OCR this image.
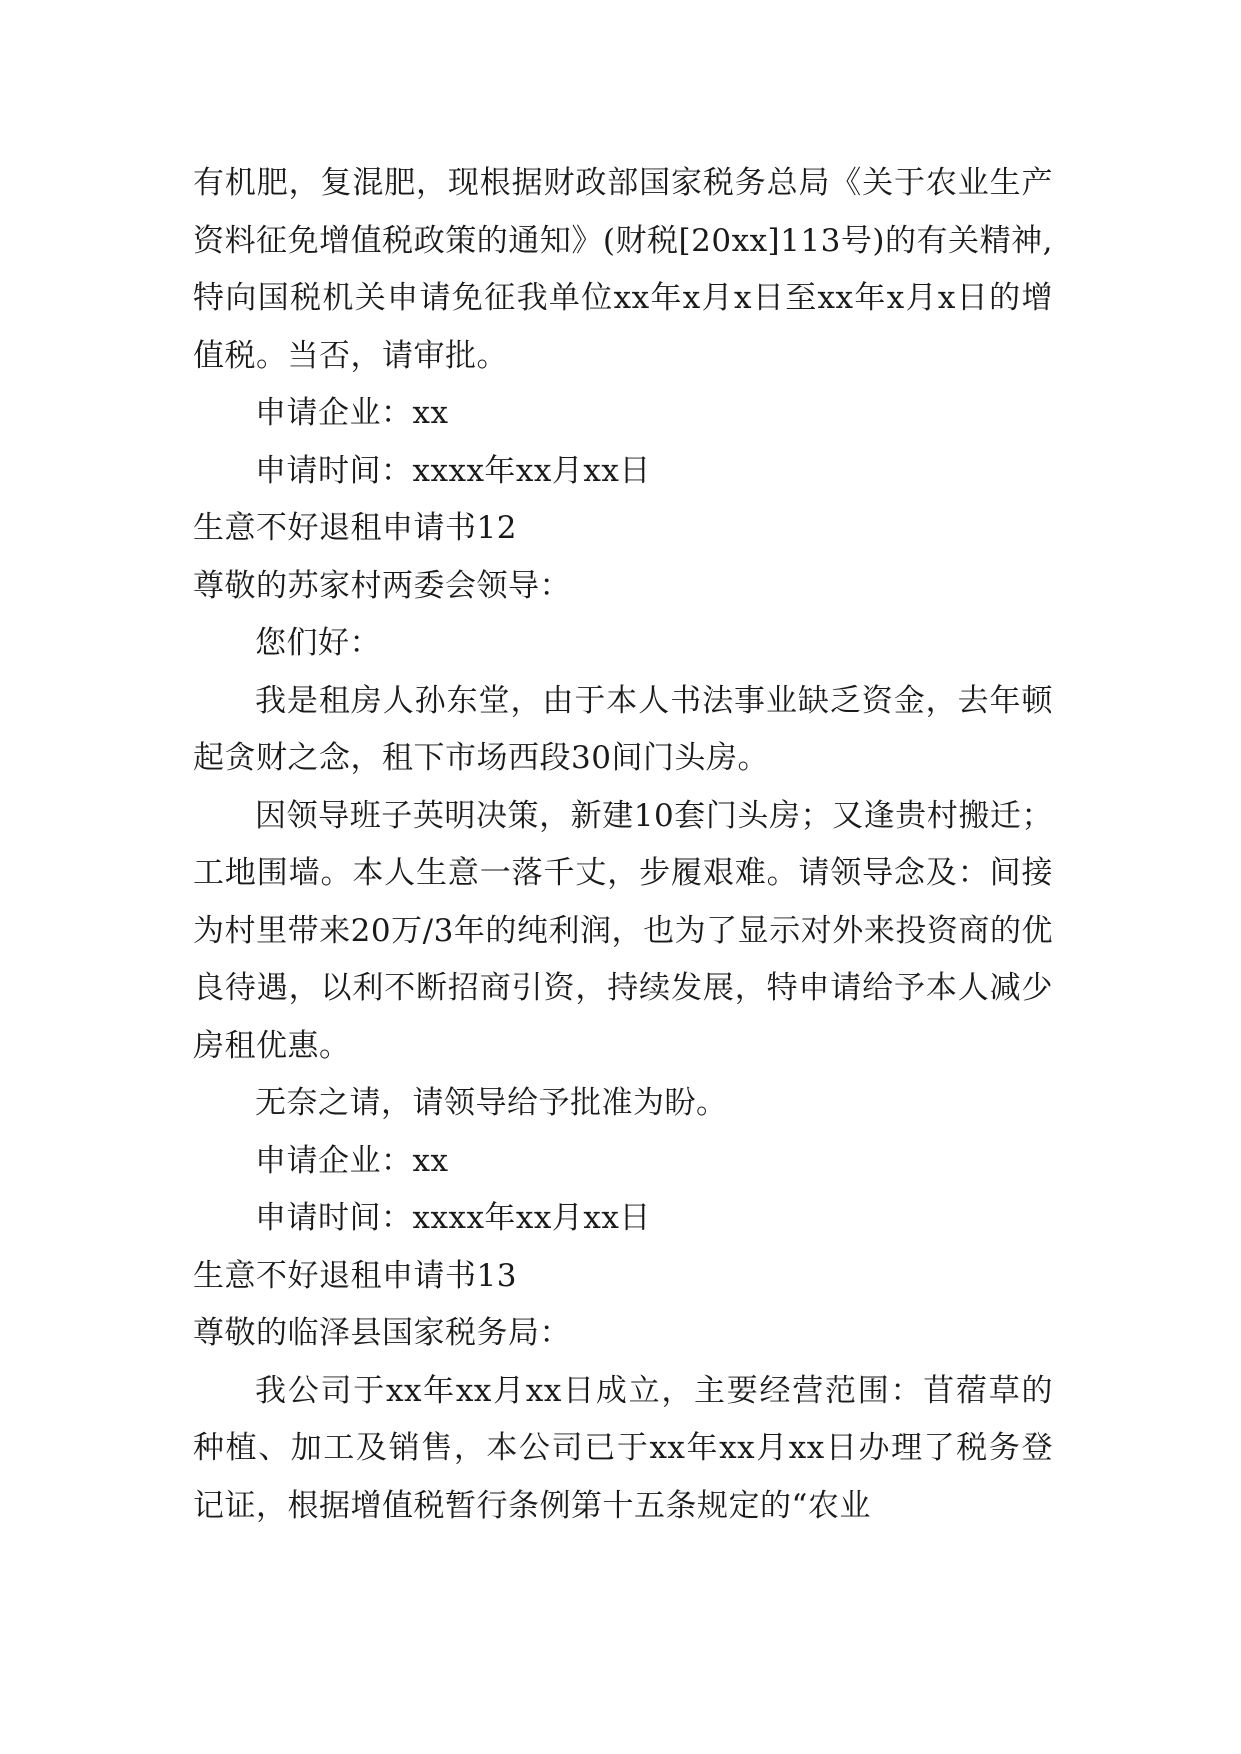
有机肥，复混肥，现根据财政部国家税务总局《关于农业生产资料征免增值税政策的通知》(财税[20xx]113号)的有关精神,特向国税机关申请免征我单位xx年x月x日至xx年x月x日的增值税。当否，请审批。

申请企业：xx

申请时间：xxxx年xx月xx日

生意不好退租申请书12

尊敬的苏家村两委会领导：

您们好：

我是租房人孙东堂，由于本人书法事业缺乏资金，去年顿起贪财之念，租下市场西段30间门头房。

因领导班子英明决策，新建10套门头房；又逢贵村搬迁；工地围墙。本人生意一落千丈，步履艰难。请领导念及：间接为村里带来20万/3年的纯利润，也为了显示对外来投资商的优良待遇，以利不断招商引资，持续发展，特申请给予本人减少房租优惠。

无奈之请，请领导给予批准为盼。

申请企业：xx

申请时间：xxxx年xx月xx日

生意不好退租申请书13

尊敬的临泽县国家税务局：

我公司于xx年xx月xx日成立，主要经营范围：苜蓿草的种植、加工及销售，本公司已于xx年xx月xx日办理了税务登记证，根据增值税暂行条例第十五条规定的“农业
